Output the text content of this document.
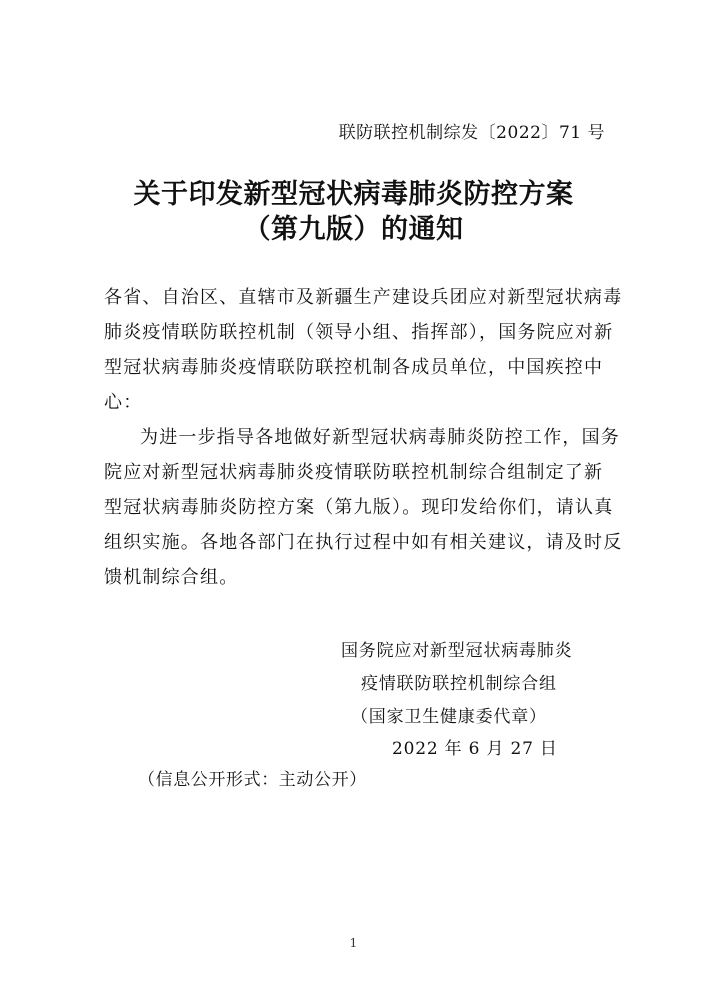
联防联控机制综发〔2022〕71 号
关于印发新型冠状病毒肺炎防控方案
（第九版）的通知
各省、自治区、直辖市及新疆生产建设兵团应对新型冠状病毒
肺炎疫情联防联控机制（领导小组、指挥部），国务院应对新
型冠状病毒肺炎疫情联防联控机制各成员单位，中国疾控中
心：
为进一步指导各地做好新型冠状病毒肺炎防控工作，国务
院应对新型冠状病毒肺炎疫情联防联控机制综合组制定了新
型冠状病毒肺炎防控方案（第九版）。现印发给你们，请认真
组织实施。各地各部门在执行过程中如有相关建议，请及时反
馈机制综合组。
国务院应对新型冠状病毒肺炎
疫情联防联控机制综合组
（国家卫生健康委代章）
2022 年 6 月 27 日
（信息公开形式：主动公开）
1
